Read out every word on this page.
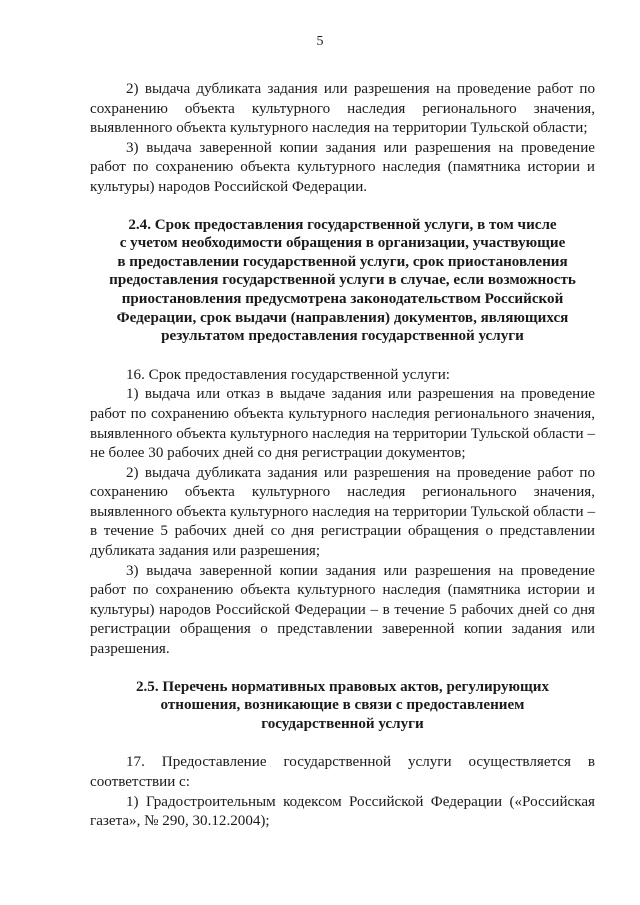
5

2) выдача дубликата задания или разрешения на проведение работ по сохранению объекта культурного наследия регионального значения, выявленного объекта культурного наследия на территории Тульской области;

3) выдача заверенной копии задания или разрешения на проведение работ по сохранению объекта культурного наследия (памятника истории и культуры) народов Российской Федерации.

2.4. Срок предоставления государственной услуги, в том числе
с учетом необходимости обращения в организации, участвующие
в предоставлении государственной услуги, срок приостановления
предоставления государственной услуги в случае, если возможность
приостановления предусмотрена законодательством Российской
Федерации, срок выдачи (направления) документов, являющихся
результатом предоставления государственной услуги

16. Срок предоставления государственной услуги:

1) выдача или отказ в выдаче задания или разрешения на проведение работ по сохранению объекта культурного наследия регионального значения, выявленного объекта культурного наследия на территории Тульской области – не более 30 рабочих дней со дня регистрации документов;

2) выдача дубликата задания или разрешения на проведение работ по сохранению объекта культурного наследия регионального значения, выявленного объекта культурного наследия на территории Тульской области – в течение 5 рабочих дней со дня регистрации обращения о представлении дубликата задания или разрешения;

3) выдача заверенной копии задания или разрешения на проведение работ по сохранению объекта культурного наследия (памятника истории и культуры) народов Российской Федерации – в течение 5 рабочих дней со дня регистрации обращения о представлении заверенной копии задания или разрешения.

2.5. Перечень нормативных правовых актов, регулирующих
отношения, возникающие в связи с предоставлением
государственной услуги

17. Предоставление государственной услуги осуществляется в соответствии с:

1) Градостроительным кодексом Российской Федерации («Российская газета», № 290, 30.12.2004);
